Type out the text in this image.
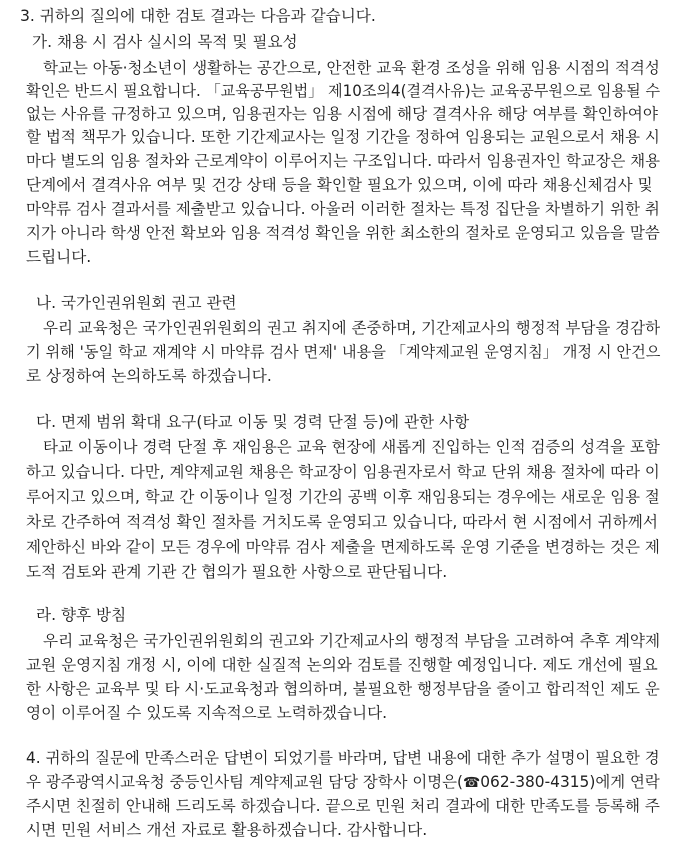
3. 귀하의 질의에 대한 검토 결과는 다음과 같습니다.
가. 채용 시 검사 실시의 목적 및 필요성
학교는 아동·청소년이 생활하는 공간으로, 안전한 교육 환경 조성을 위해 임용 시점의 적격성
확인은 반드시 필요합니다. 「교육공무원법」 제10조의4(결격사유)는 교육공무원으로 임용될 수
없는 사유를 규정하고 있으며, 임용권자는 임용 시점에 해당 결격사유 해당 여부를 확인하여야
할 법적 책무가 있습니다. 또한 기간제교사는 일정 기간을 정하여 임용되는 교원으로서 채용 시
마다 별도의 임용 절차와 근로계약이 이루어지는 구조입니다. 따라서 임용권자인 학교장은 채용
단계에서 결격사유 여부 및 건강 상태 등을 확인할 필요가 있으며, 이에 따라 채용신체검사 및
마약류 검사 결과서를 제출받고 있습니다. 아울러 이러한 절차는 특정 집단을 차별하기 위한 취
지가 아니라 학생 안전 확보와 임용 적격성 확인을 위한 최소한의 절차로 운영되고 있음을 말씀
드립니다.
나. 국가인권위원회 권고 관련
우리 교육청은 국가인권위원회의 권고 취지에 존중하며, 기간제교사의 행정적 부담을 경감하
기 위해 '동일 학교 재계약 시 마약류 검사 면제' 내용을 「계약제교원 운영지침」 개정 시 안건으
로 상정하여 논의하도록 하겠습니다.
다. 면제 범위 확대 요구(타교 이동 및 경력 단절 등)에 관한 사항
타교 이동이나 경력 단절 후 재임용은 교육 현장에 새롭게 진입하는 인적 검증의 성격을 포함
하고 있습니다. 다만, 계약제교원 채용은 학교장이 임용권자로서 학교 단위 채용 절차에 따라 이
루어지고 있으며, 학교 간 이동이나 일정 기간의 공백 이후 재임용되는 경우에는 새로운 임용 절
차로 간주하여 적격성 확인 절차를 거치도록 운영되고 있습니다, 따라서 현 시점에서 귀하께서
제안하신 바와 같이 모든 경우에 마약류 검사 제출을 면제하도록 운영 기준을 변경하는 것은 제
도적 검토와 관계 기관 간 협의가 필요한 사항으로 판단됩니다.
라. 향후 방침
우리 교육청은 국가인권위원회의 권고와 기간제교사의 행정적 부담을 고려하여 추후 계약제
교원 운영지침 개정 시, 이에 대한 실질적 논의와 검토를 진행할 예정입니다. 제도 개선에 필요
한 사항은 교육부 및 타 시·도교육청과 협의하며, 불필요한 행정부담을 줄이고 합리적인 제도 운
영이 이루어질 수 있도록 지속적으로 노력하겠습니다.
4. 귀하의 질문에 만족스러운 답변이 되었기를 바라며, 답변 내용에 대한 추가 설명이 필요한 경
우 광주광역시교육청 중등인사팀 계약제교원 담당 장학사 이명은(☎062-380-4315)에게 연락
주시면 친절히 안내해 드리도록 하겠습니다. 끝으로 민원 처리 결과에 대한 만족도를 등록해 주
시면 민원 서비스 개선 자료로 활용하겠습니다. 감사합니다.
